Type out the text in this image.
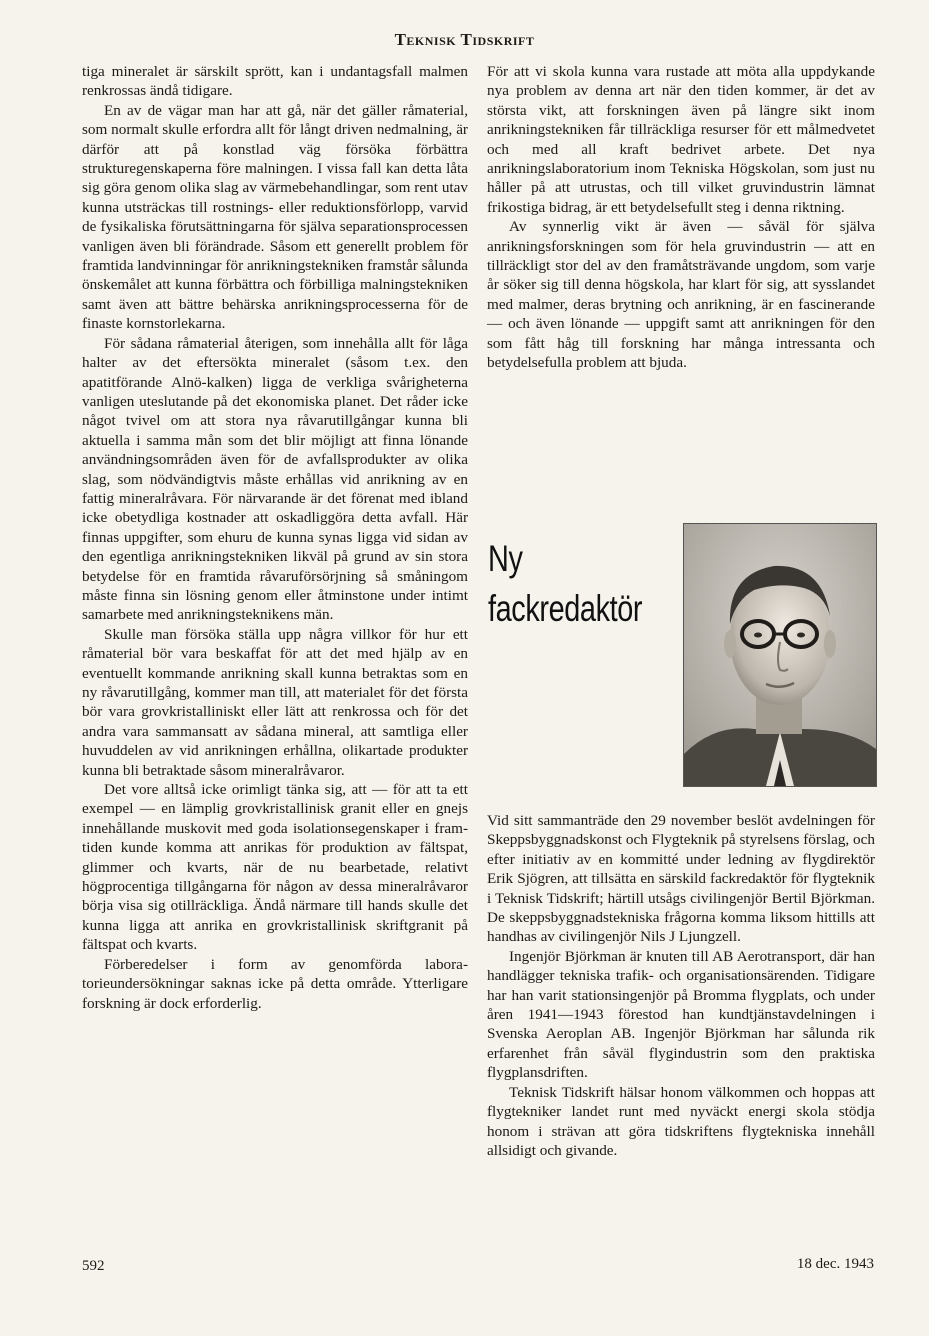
Teknisk Tidskrift

tiga mineralet är särskilt sprött, kan i undantagsfall malmen renkrossas ändå tidigare.

En av de vägar man har att gå, när det gäller råmaterial, som normalt skulle erfordra allt för långt driven nedmalning, är därför att på konstlad väg försöka förbättra strukturegenskaperna före malningen. I vissa fall kan detta låta sig göra genom olika slag av värmebehandlingar, som rent utav kunna utsträckas till rostnings- eller reduktionsförlopp, varvid de fysikaliska förutsättningarna för själva separationsprocessen vanligen även bli förändrade. Såsom ett generellt problem för framtida landvinningar för anrikningstekniken framstår sålunda önskemålet att kunna förbättra och förbilliga malningstekniken samt även att bättre behärska anrikningsprocesserna för de finaste kornstorlekarna.

För sådana råmaterial återigen, som innehålla allt för låga halter av det eftersökta mineralet (såsom t.ex. den apatitförande Alnö-kalken) ligga de verkliga svårigheterna vanligen uteslutande på det ekonomiska planet. Det råder icke något tvivel om att stora nya råvarutillgångar kunna bli aktuella i samma mån som det blir möjligt att finna lönande användningsområden även för de avfallsprodukter av olika slag, som nödvändigtvis måste erhållas vid anrikning av en fattig mineralråvara. För närvarande är det förenat med ibland icke obetydliga kostnader att oskadliggöra detta avfall. Här finnas uppgifter, som ehuru de kunna synas ligga vid sidan av den egentliga anrikningstekniken likväl på grund av sin stora betydelse för en framtida råvaruförsörjning så småningom måste finna sin lösning genom eller åtminstone under intimt samarbete med anrikningsteknikens män.

Skulle man försöka ställa upp några villkor för hur ett råmaterial bör vara beskaffat för att det med hjälp av en eventuellt kommande anrikning skall kunna betraktas som en ny råvarutillgång, kommer man till, att materialet för det första bör vara grovkristalliniskt eller lätt att renkrossa och för det andra vara sammansatt av sådana mineral, att samtliga eller huvuddelen av vid anrikningen erhållna, olikartade produkter kunna bli betraktade såsom mineralråvaror.

Det vore alltså icke orimligt tänka sig, att — för att ta ett exempel — en lämplig grovkristallinisk granit eller en gnejs innehållande muskovit med goda isolationsegenskaper i framtiden kunde komma att anrikas för produktion av fältspat, glimmer och kvarts, när de nu bearbetade, relativt högprocentiga tillgångarna för någon av dessa mineralråvaror börja visa sig otillräckliga. Ändå närmare till hands skulle det kunna ligga att anrika en grovkristallinisk skriftgranit på fältspat och kvarts.

Förberedelser i form av genomförda laboratorieundersökningar saknas icke på detta område. Ytterligare forskning är dock erforderlig.

För att vi skola kunna vara rustade att möta alla uppdykande nya problem av denna art när den tiden kommer, är det av största vikt, att forskningen även på längre sikt inom anrikningstekniken får tillräckliga resurser för ett målmedvetet och med all kraft bedrivet arbete. Det nya anrikningslaboratorium inom Tekniska Högskolan, som just nu håller på att utrustas, och till vilket gruvindustrin lämnat frikostiga bidrag, är ett betydelsefullt steg i denna riktning.

Av synnerlig vikt är även — såväl för själva anrikningsforskningen som för hela gruvindustrin — att en tillräckligt stor del av den framåtsträvande ungdom, som varje år söker sig till denna högskola, har klart för sig, att sysslandet med malmer, deras brytning och anrikning, är en fascinerande — och även lönande — uppgift samt att anrikningen för den som fått håg till forskning har många intressanta och betydelsefulla problem att bjuda.

Ny
fackredaktör

Vid sitt sammanträde den 29 november beslöt avdelningen för Skeppsbyggnadskonst och Flygteknik på styrelsens förslag, och efter initiativ av en kommitté under ledning av flygdirektör Erik Sjögren, att tillsätta en särskild fackredaktör för flygteknik i Teknisk Tidskrift; härtill utsågs civilingenjör Bertil Björkman. De skeppsbyggnadstekniska frågorna komma liksom hittills att handhas av civilingenjör Nils J Ljungzell.

Ingenjör Björkman är knuten till AB Aerotransport, där han handlägger tekniska trafik- och organisationsärenden. Tidigare har han varit stationsingenjör på Bromma flygplats, och under åren 1941—1943 förestod han kundtjänstavdelningen i Svenska Aeroplan AB. Ingenjör Björkman har sålunda rik erfarenhet från såväl flygindustrin som den praktiska flygplansdriften.

Teknisk Tidskrift hälsar honom välkommen och hoppas att flygtekniker landet runt med nyväckt energi skola stödja honom i strävan att göra tidskriftens flygtekniska innehåll allsidigt och givande.

592	18 dec. 1943
